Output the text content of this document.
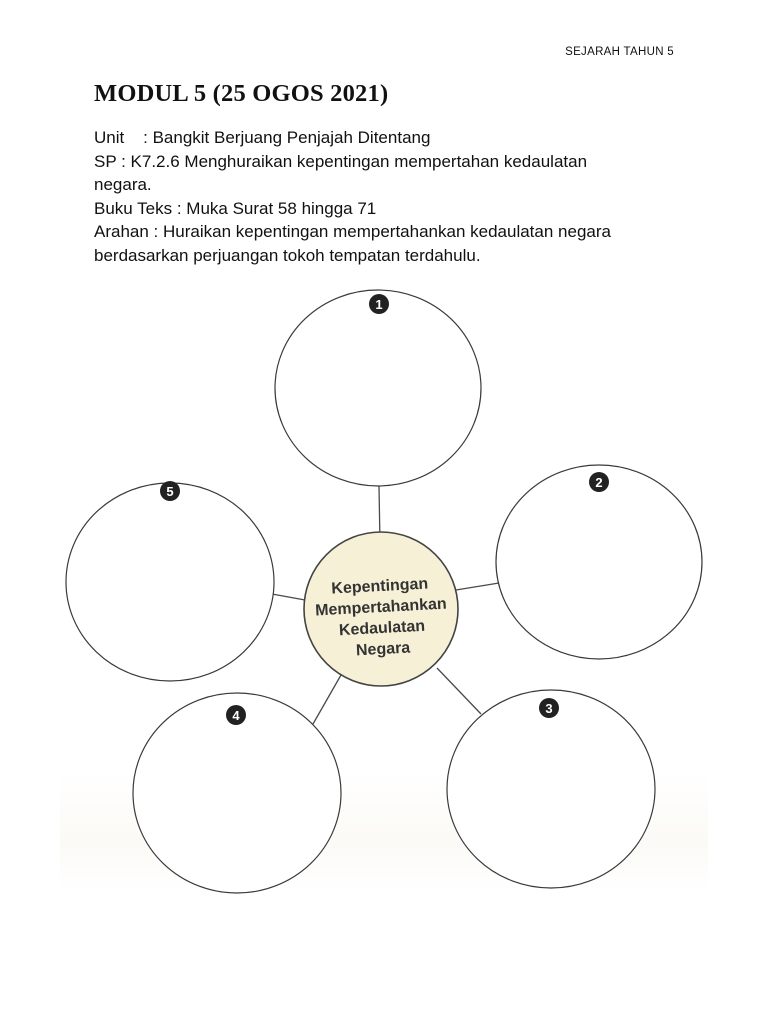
SEJARAH TAHUN 5
MODUL 5 (25 OGOS 2021)
Unit    : Bangkit Berjuang Penjajah Ditentang
SP : K7.2.6 Menghuraikan kepentingan mempertahan kedaulatan
negara.
Buku Teks : Muka Surat 58 hingga 71
Arahan : Huraikan kepentingan mempertahankan kedaulatan negara
berdasarkan perjuangan tokoh tempatan terdahulu.
Kepentingan
Mempertahankan
Kedaulatan
Negara
1
2
3
4
5
